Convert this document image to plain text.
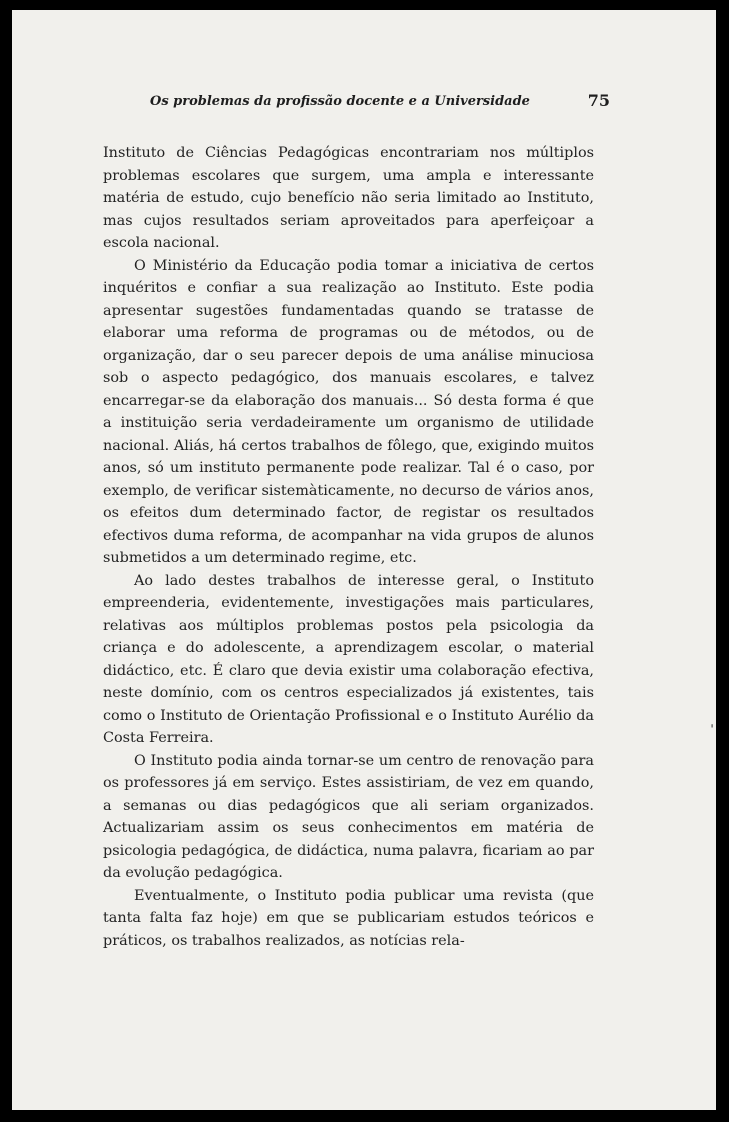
Os problemas da profissão docente e a Universidade	75

Instituto de Ciências Pedagógicas encontrariam nos múltiplos problemas escolares que surgem, uma ampla e interessante matéria de estudo, cujo benefício não seria limitado ao Instituto, mas cujos resultados seriam aproveitados para aperfeiçoar a escola nacional.

O Ministério da Educação podia tomar a iniciativa de certos inquéritos e confiar a sua realização ao Instituto. Este podia apresentar sugestões fundamentadas quando se tratasse de elaborar uma reforma de programas ou de métodos, ou de organização, dar o seu parecer depois de uma análise minuciosa sob o aspecto pedagógico, dos manuais escolares, e talvez encarregar-se da elaboração dos manuais... Só desta forma é que a instituição seria verdadeiramente um organismo de utilidade nacional. Aliás, há certos trabalhos de fôlego, que, exigindo muitos anos, só um instituto permanente pode realizar. Tal é o caso, por exemplo, de verificar sistemàticamente, no decurso de vários anos, os efeitos dum determinado factor, de registar os resultados efectivos duma reforma, de acompanhar na vida grupos de alunos submetidos a um determinado regime, etc.

Ao lado destes trabalhos de interesse geral, o Instituto empreenderia, evidentemente, investigações mais particulares, relativas aos múltiplos problemas postos pela psicologia da criança e do adolescente, a aprendizagem escolar, o material didáctico, etc. É claro que devia existir uma colaboração efectiva, neste domínio, com os centros especializados já existentes, tais como o Instituto de Orientação Profissional e o Instituto Aurélio da Costa Ferreira.

O Instituto podia ainda tornar-se um centro de renovação para os professores já em serviço. Estes assistiriam, de vez em quando, a semanas ou dias pedagógicos que ali seriam organizados. Actualizariam assim os seus conhecimentos em matéria de psicologia pedagógica, de didáctica, numa palavra, ficariam ao par da evolução pedagógica.

Eventualmente, o Instituto podia publicar uma revista (que tanta falta faz hoje) em que se publicariam estudos teóricos e práticos, os trabalhos realizados, as notícias rela-

ˌ
